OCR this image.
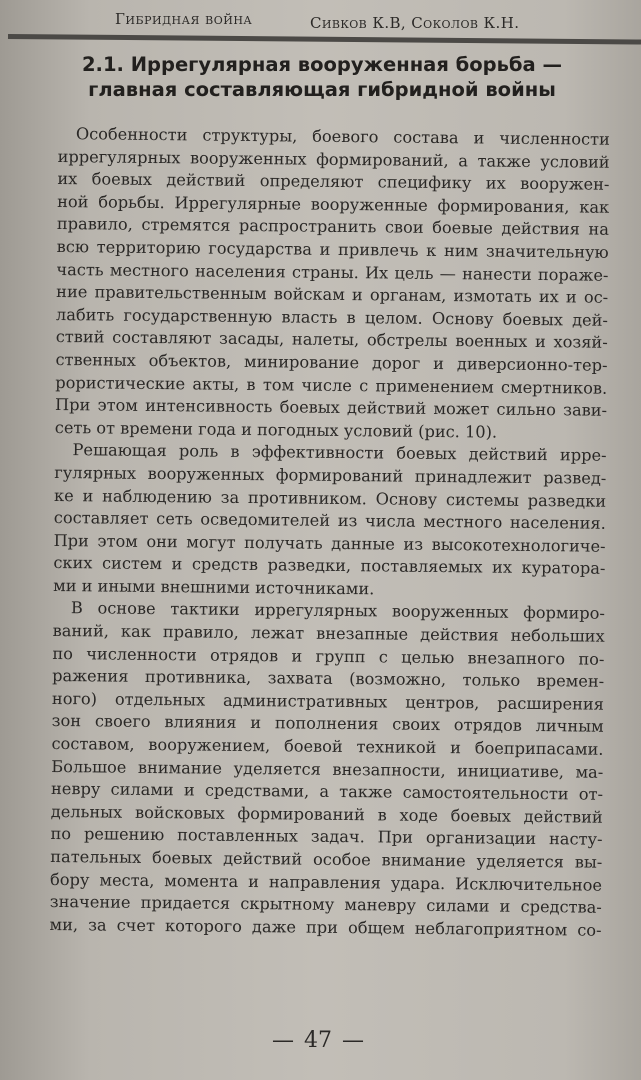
Гибридная война	Сивков К.В, Соколов К.Н.
2.1. Иррегулярная вооруженная борьба —
главная составляющая гибридной войны
Особенности структуры, боевого состава и численности
иррегулярных вооруженных формирований, а также условий
их боевых действий определяют специфику их вооружен-
ной борьбы. Иррегулярные вооруженные формирования, как
правило, стремятся распространить свои боевые действия на
всю территорию государства и привлечь к ним значительную
часть местного населения страны. Их цель — нанести пораже-
ние правительственным войскам и органам, измотать их и ос-
лабить государственную власть в целом. Основу боевых дей-
ствий составляют засады, налеты, обстрелы военных и хозяй-
ственных объектов, минирование дорог и диверсионно-тер-
рористические акты, в том числе с применением смертников.
При этом интенсивность боевых действий может сильно зави-
сеть от времени года и погодных условий (рис. 10).
Решающая роль в эффективности боевых действий ирре-
гулярных вооруженных формирований принадлежит развед-
ке и наблюдению за противником. Основу системы разведки
составляет сеть осведомителей из числа местного населения.
При этом они могут получать данные из высокотехнологиче-
ских систем и средств разведки, поставляемых их куратора-
ми и иными внешними источниками.
В основе тактики иррегулярных вооруженных формиро-
ваний, как правило, лежат внезапные действия небольших
по численности отрядов и групп с целью внезапного по-
ражения противника, захвата (возможно, только времен-
ного) отдельных административных центров, расширения
зон своего влияния и пополнения своих отрядов личным
составом, вооружением, боевой техникой и боеприпасами.
Большое внимание уделяется внезапности, инициативе, ма-
невру силами и средствами, а также самостоятельности от-
дельных войсковых формирований в ходе боевых действий
по решению поставленных задач. При организации насту-
пательных боевых действий особое внимание уделяется вы-
бору места, момента и направления удара. Исключительное
значение придается скрытному маневру силами и средства-
ми, за счет которого даже при общем неблагоприятном со-
— 47 —
